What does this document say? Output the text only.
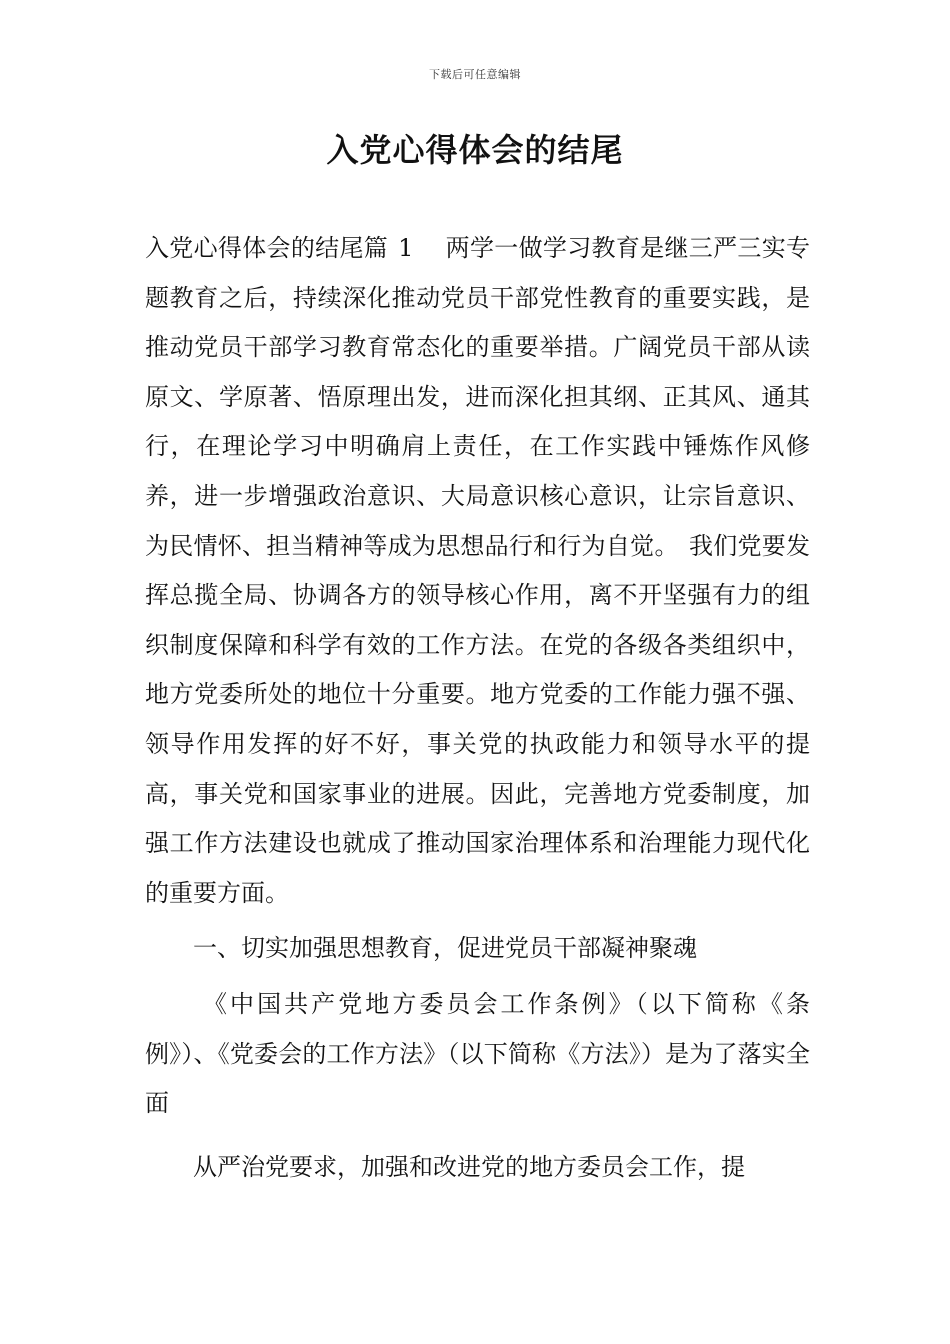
下载后可任意编辑
入党心得体会的结尾

入党心得体会的结尾篇 1 两学一做学习教育是继三严三实专题教育之后，持续深化推动党员干部党性教育的重要实践，是推动党员干部学习教育常态化的重要举措。广阔党员干部从读原文、学原著、悟原理出发，进而深化担其纲、正其风、通其行，在理论学习中明确肩上责任，在工作实践中锤炼作风修养，进一步增强政治意识、大局意识核心意识，让宗旨意识、为民情怀、担当精神等成为思想品行和行为自觉。 我们党要发挥总揽全局、协调各方的领导核心作用，离不开坚强有力的组织制度保障和科学有效的工作方法。在党的各级各类组织中，地方党委所处的地位十分重要。地方党委的工作能力强不强、领导作用发挥的好不好，事关党的执政能力和领导水平的提高，事关党和国家事业的进展。因此，完善地方党委制度，加强工作方法建设也就成了推动国家治理体系和治理能力现代化的重要方面。

一、切实加强思想教育，促进党员干部凝神聚魂

《中国共产党地方委员会工作条例》（以下简称《条例》）、《党委会的工作方法》（以下简称《方法》）是为了落实全面

从严治党要求，加强和改进党的地方委员会工作，提
